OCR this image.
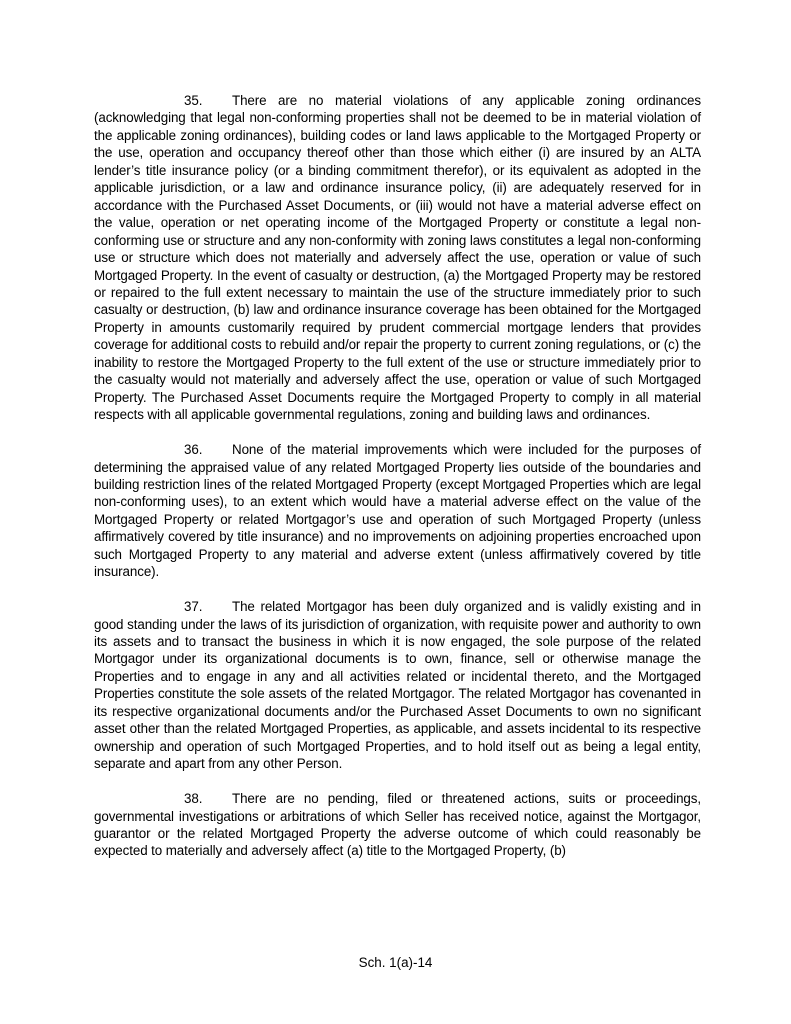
35. There are no material violations of any applicable zoning ordinances (acknowledging that legal non-conforming properties shall not be deemed to be in material violation of the applicable zoning ordinances), building codes or land laws applicable to the Mortgaged Property or the use, operation and occupancy thereof other than those which either (i) are insured by an ALTA lender’s title insurance policy (or a binding commitment therefor), or its equivalent as adopted in the applicable jurisdiction, or a law and ordinance insurance policy, (ii) are adequately reserved for in accordance with the Purchased Asset Documents, or (iii) would not have a material adverse effect on the value, operation or net operating income of the Mortgaged Property or constitute a legal non-conforming use or structure and any non-conformity with zoning laws constitutes a legal non-conforming use or structure which does not materially and adversely affect the use, operation or value of such Mortgaged Property. In the event of casualty or destruction, (a) the Mortgaged Property may be restored or repaired to the full extent necessary to maintain the use of the structure immediately prior to such casualty or destruction, (b) law and ordinance insurance coverage has been obtained for the Mortgaged Property in amounts customarily required by prudent commercial mortgage lenders that provides coverage for additional costs to rebuild and/or repair the property to current zoning regulations, or (c) the inability to restore the Mortgaged Property to the full extent of the use or structure immediately prior to the casualty would not materially and adversely affect the use, operation or value of such Mortgaged Property. The Purchased Asset Documents require the Mortgaged Property to comply in all material respects with all applicable governmental regulations, zoning and building laws and ordinances.

36. None of the material improvements which were included for the purposes of determining the appraised value of any related Mortgaged Property lies outside of the boundaries and building restriction lines of the related Mortgaged Property (except Mortgaged Properties which are legal non-conforming uses), to an extent which would have a material adverse effect on the value of the Mortgaged Property or related Mortgagor’s use and operation of such Mortgaged Property (unless affirmatively covered by title insurance) and no improvements on adjoining properties encroached upon such Mortgaged Property to any material and adverse extent (unless affirmatively covered by title insurance).

37. The related Mortgagor has been duly organized and is validly existing and in good standing under the laws of its jurisdiction of organization, with requisite power and authority to own its assets and to transact the business in which it is now engaged, the sole purpose of the related Mortgagor under its organizational documents is to own, finance, sell or otherwise manage the Properties and to engage in any and all activities related or incidental thereto, and the Mortgaged Properties constitute the sole assets of the related Mortgagor. The related Mortgagor has covenanted in its respective organizational documents and/or the Purchased Asset Documents to own no significant asset other than the related Mortgaged Properties, as applicable, and assets incidental to its respective ownership and operation of such Mortgaged Properties, and to hold itself out as being a legal entity, separate and apart from any other Person.

38. There are no pending, filed or threatened actions, suits or proceedings, governmental investigations or arbitrations of which Seller has received notice, against the Mortgagor, guarantor or the related Mortgaged Property the adverse outcome of which could reasonably be expected to materially and adversely affect (a) title to the Mortgaged Property, (b)

Sch. 1(a)-14
